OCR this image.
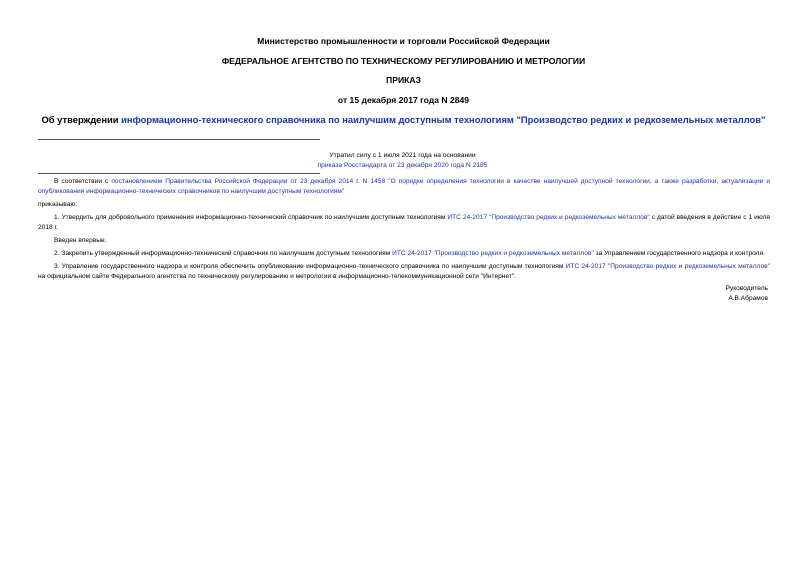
Министерство промышленности и торговли Российской Федерации
ФЕДЕРАЛЬНОЕ АГЕНТСТВО ПО ТЕХНИЧЕСКОМУ РЕГУЛИРОВАНИЮ И МЕТРОЛОГИИ
ПРИКАЗ
от 15 декабря 2017 года N 2849
Об утверждении информационно-технического справочника по наилучшим доступным технологиям "Производство редких и редкоземельных металлов"
Утратил силу с 1 июля 2021 года на основании
приказа Росстандарта от 23 декабря 2020 года N 2185

В соответствии с постановлением Правительства Российской Федерации от 23 декабря 2014 г. N 1458 "О порядке определения технологии в качестве наилучшей доступной технологии, а также разработки, актуализации и опубликования информационно-технических справочников по наилучшим доступным технологиям"

приказываю:

1. Утвердить для добровольного применения информационно-технический справочник по наилучшим доступным технологиям ИТС 24-2017 "Производство редких и редкоземельных металлов" с датой введения в действие с 1 июля 2018 г.

Введен впервые.

2. Закрепить утвержденный информационно-технический справочник по наилучшим доступным технологиям ИТС 24-2017 "Производство редких и редкоземельных металлов" за Управлением государственного надзора и контроля.

3. Управление государственного надзора и контроля обеспечить опубликование информационно-технического справочника по наилучшим доступным технологиям ИТС 24-2017 "Производство редких и редкоземельных металлов" на официальном сайте Федерального агентства по техническому регулированию и метрологии в информационно-телекоммуникационной сети "Интернет".

Руководитель
А.В.Абрамов
